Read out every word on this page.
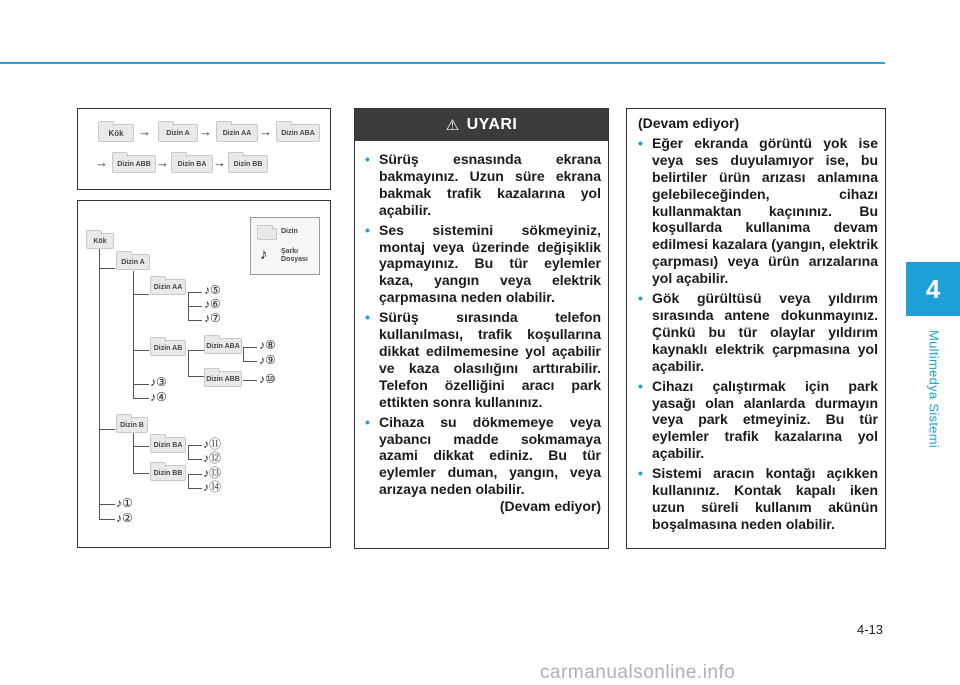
4
Multimedya Sistemi
Kök	→	Dizin A →	Dizin AA →	Dizin ABA
→	Dizin ABB →	Dizin BA →	Dizin BB
Dizin
♪ Şarkı
Dosyası
Kök
Dizin A
Dizin AA
Dizin AB	Dizin ABA
Dizin ABB
Dizin B
Dizin BA
Dizin BB
♪⑤
♪⑥
♪⑦
♪⑧
♪⑨
♪⑩
♪③
♪④
♪⑪
♪⑫
♪⑬
♪⑭
♪①
♪②
⚠ UYARI
• Sürüş esnasında ekrana bakmayınız. Uzun süre ekrana bakmak trafik kazalarına yol açabilir.
• Ses sistemini sökmeyiniz, montaj veya üzerinde değişiklik yapmayınız. Bu tür eylemler kaza, yangın veya elektrik çarpmasına neden olabilir.
• Sürüş sırasında telefon kullanılması, trafik koşullarına dikkat edilmemesine yol açabilir ve kaza olasılığını arttırabilir. Telefon özelliğini aracı park ettikten sonra kullanınız.
• Cihaza su dökmemeye veya yabancı madde sokmamaya azami dikkat ediniz. Bu tür eylemler duman, yangın, veya arızaya neden olabilir.
(Devam ediyor)
(Devam ediyor)
• Eğer ekranda görüntü yok ise veya ses duyulamıyor ise, bu belirtiler ürün arızası anlamına gelebileceğinden, cihazı kullanmaktan kaçınınız. Bu koşullarda kullanıma devam edilmesi kazalara (yangın, elektrik çarpması) veya ürün arızalarına yol açabilir.
• Gök gürültüsü veya yıldırım sırasında antene dokunmayınız. Çünkü bu tür olaylar yıldırım kaynaklı elektrik çarpmasına yol açabilir.
• Cihazı çalıştırmak için park yasağı olan alanlarda durmayın veya park etmeyiniz. Bu tür eylemler trafik kazalarına yol açabilir.
• Sistemi aracın kontağı açıkken kullanınız. Kontak kapalı iken uzun süreli kullanım akünün boşalmasına neden olabilir.
4-13
carmanualsonline.info
